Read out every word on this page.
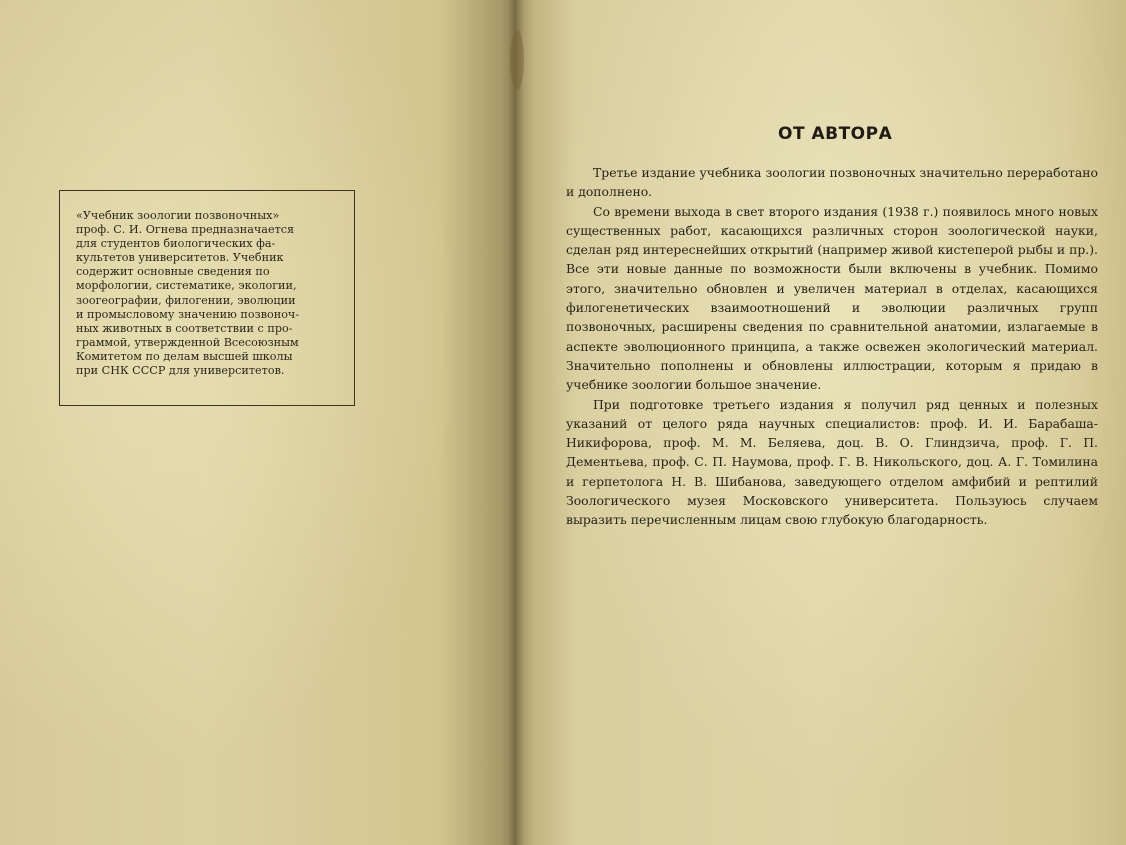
«Учебник зоологии позвоночных»
проф. С. И. Огнева предназначается
для студентов биологических фа-
культетов университетов. Учебник
содержит основные сведения по
морфологии, систематике, экологии,
зоогеографии, филогении, эволюции
и промысловому значению позвоноч-
ных животных в соответствии с про-
граммой, утвержденной Всесоюзным
Комитетом по делам высшей школы
при СНК СССР для университетов.

ОТ АВТОРА

Третье издание учебника зоологии позвоночных значительно переработано и дополнено.

Со времени выхода в свет второго издания (1938 г.) появилось много новых существенных работ, касающихся различных сторон зоологической науки, сделан ряд интереснейших открытий (например живой кистеперой рыбы и пр.). Все эти новые данные по возможности были включены в учебник. Помимо этого, значительно обновлен и увеличен материал в отделах, касающихся филогенетических взаимоотношений и эволюции различных групп позвоночных, расширены сведения по сравнительной анатомии, излагаемые в аспекте эволюционного принципа, а также освежен экологический материал. Значительно пополнены и обновлены иллюстрации, которым я придаю в учебнике зоологии большое значение.

При подготовке третьего издания я получил ряд ценных и полезных указаний от целого ряда научных специалистов: проф. И. И. Барабаша-Никифорова, проф. М. М. Беляева, доц. В. О. Глиндзича, проф. Г. П. Дементьева, проф. С. П. Наумова, проф. Г. В. Никольского, доц. А. Г. Томилина и герпетолога Н. В. Шибанова, заведующего отделом амфибий и рептилий Зоологического музея Московского университета. Пользуюсь случаем выразить перечисленным лицам свою глубокую благодарность.
